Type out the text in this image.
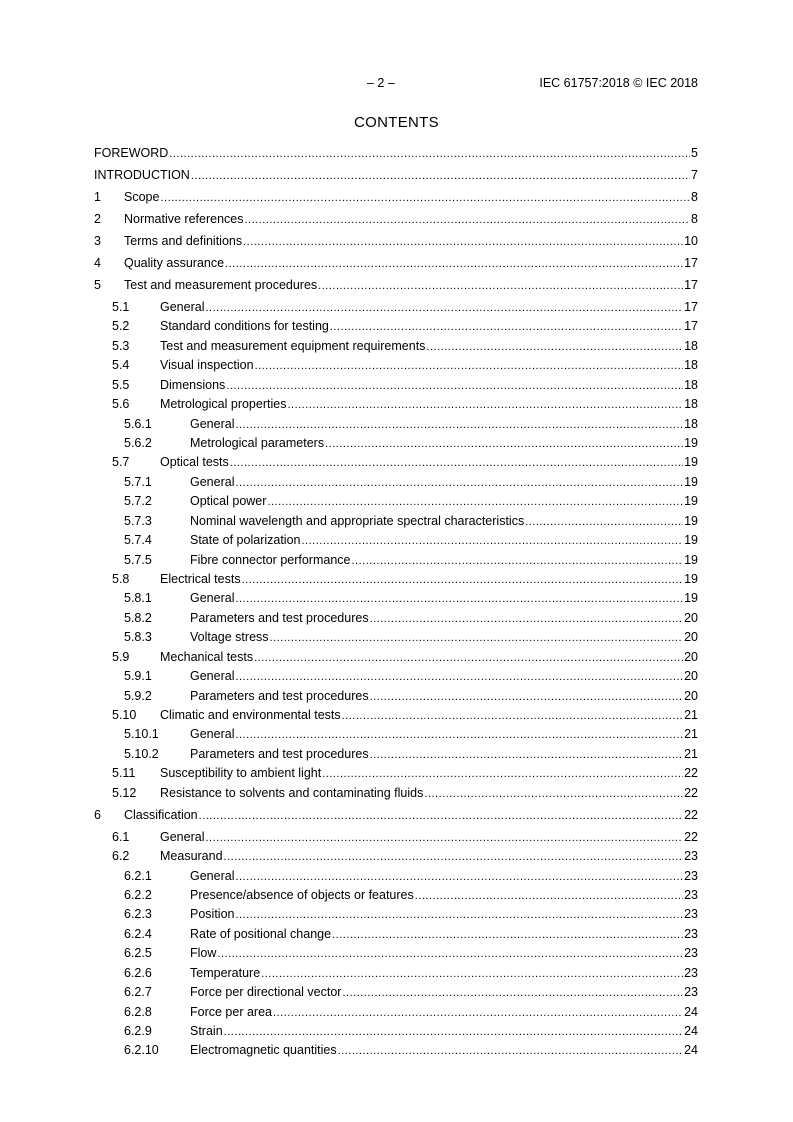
– 2 –	IEC 61757:2018 © IEC 2018
CONTENTS
FOREWORD .....	5
INTRODUCTION .....	7
1	Scope .....	8
2	Normative references .....	8
3	Terms and definitions .....	10
4	Quality assurance .....	17
5	Test and measurement procedures .....	17
5.1	General .....	17
5.2	Standard conditions for testing .....	17
5.3	Test and measurement equipment requirements .....	18
5.4	Visual inspection .....	18
5.5	Dimensions .....	18
5.6	Metrological properties .....	18
5.6.1	General .....	18
5.6.2	Metrological parameters .....	19
5.7	Optical tests .....	19
5.7.1	General .....	19
5.7.2	Optical power .....	19
5.7.3	Nominal wavelength and appropriate spectral characteristics .....	19
5.7.4	State of polarization .....	19
5.7.5	Fibre connector performance .....	19
5.8	Electrical tests .....	19
5.8.1	General .....	19
5.8.2	Parameters and test procedures .....	20
5.8.3	Voltage stress .....	20
5.9	Mechanical tests .....	20
5.9.1	General .....	20
5.9.2	Parameters and test procedures .....	20
5.10	Climatic and environmental tests .....	21
5.10.1	General .....	21
5.10.2	Parameters and test procedures .....	21
5.11	Susceptibility to ambient light .....	22
5.12	Resistance to solvents and contaminating fluids .....	22
6	Classification .....	22
6.1	General .....	22
6.2	Measurand .....	23
6.2.1	General .....	23
6.2.2	Presence/absence of objects or features .....	23
6.2.3	Position .....	23
6.2.4	Rate of positional change .....	23
6.2.5	Flow .....	23
6.2.6	Temperature .....	23
6.2.7	Force per directional vector .....	23
6.2.8	Force per area .....	24
6.2.9	Strain .....	24
6.2.10	Electromagnetic quantities .....	24
